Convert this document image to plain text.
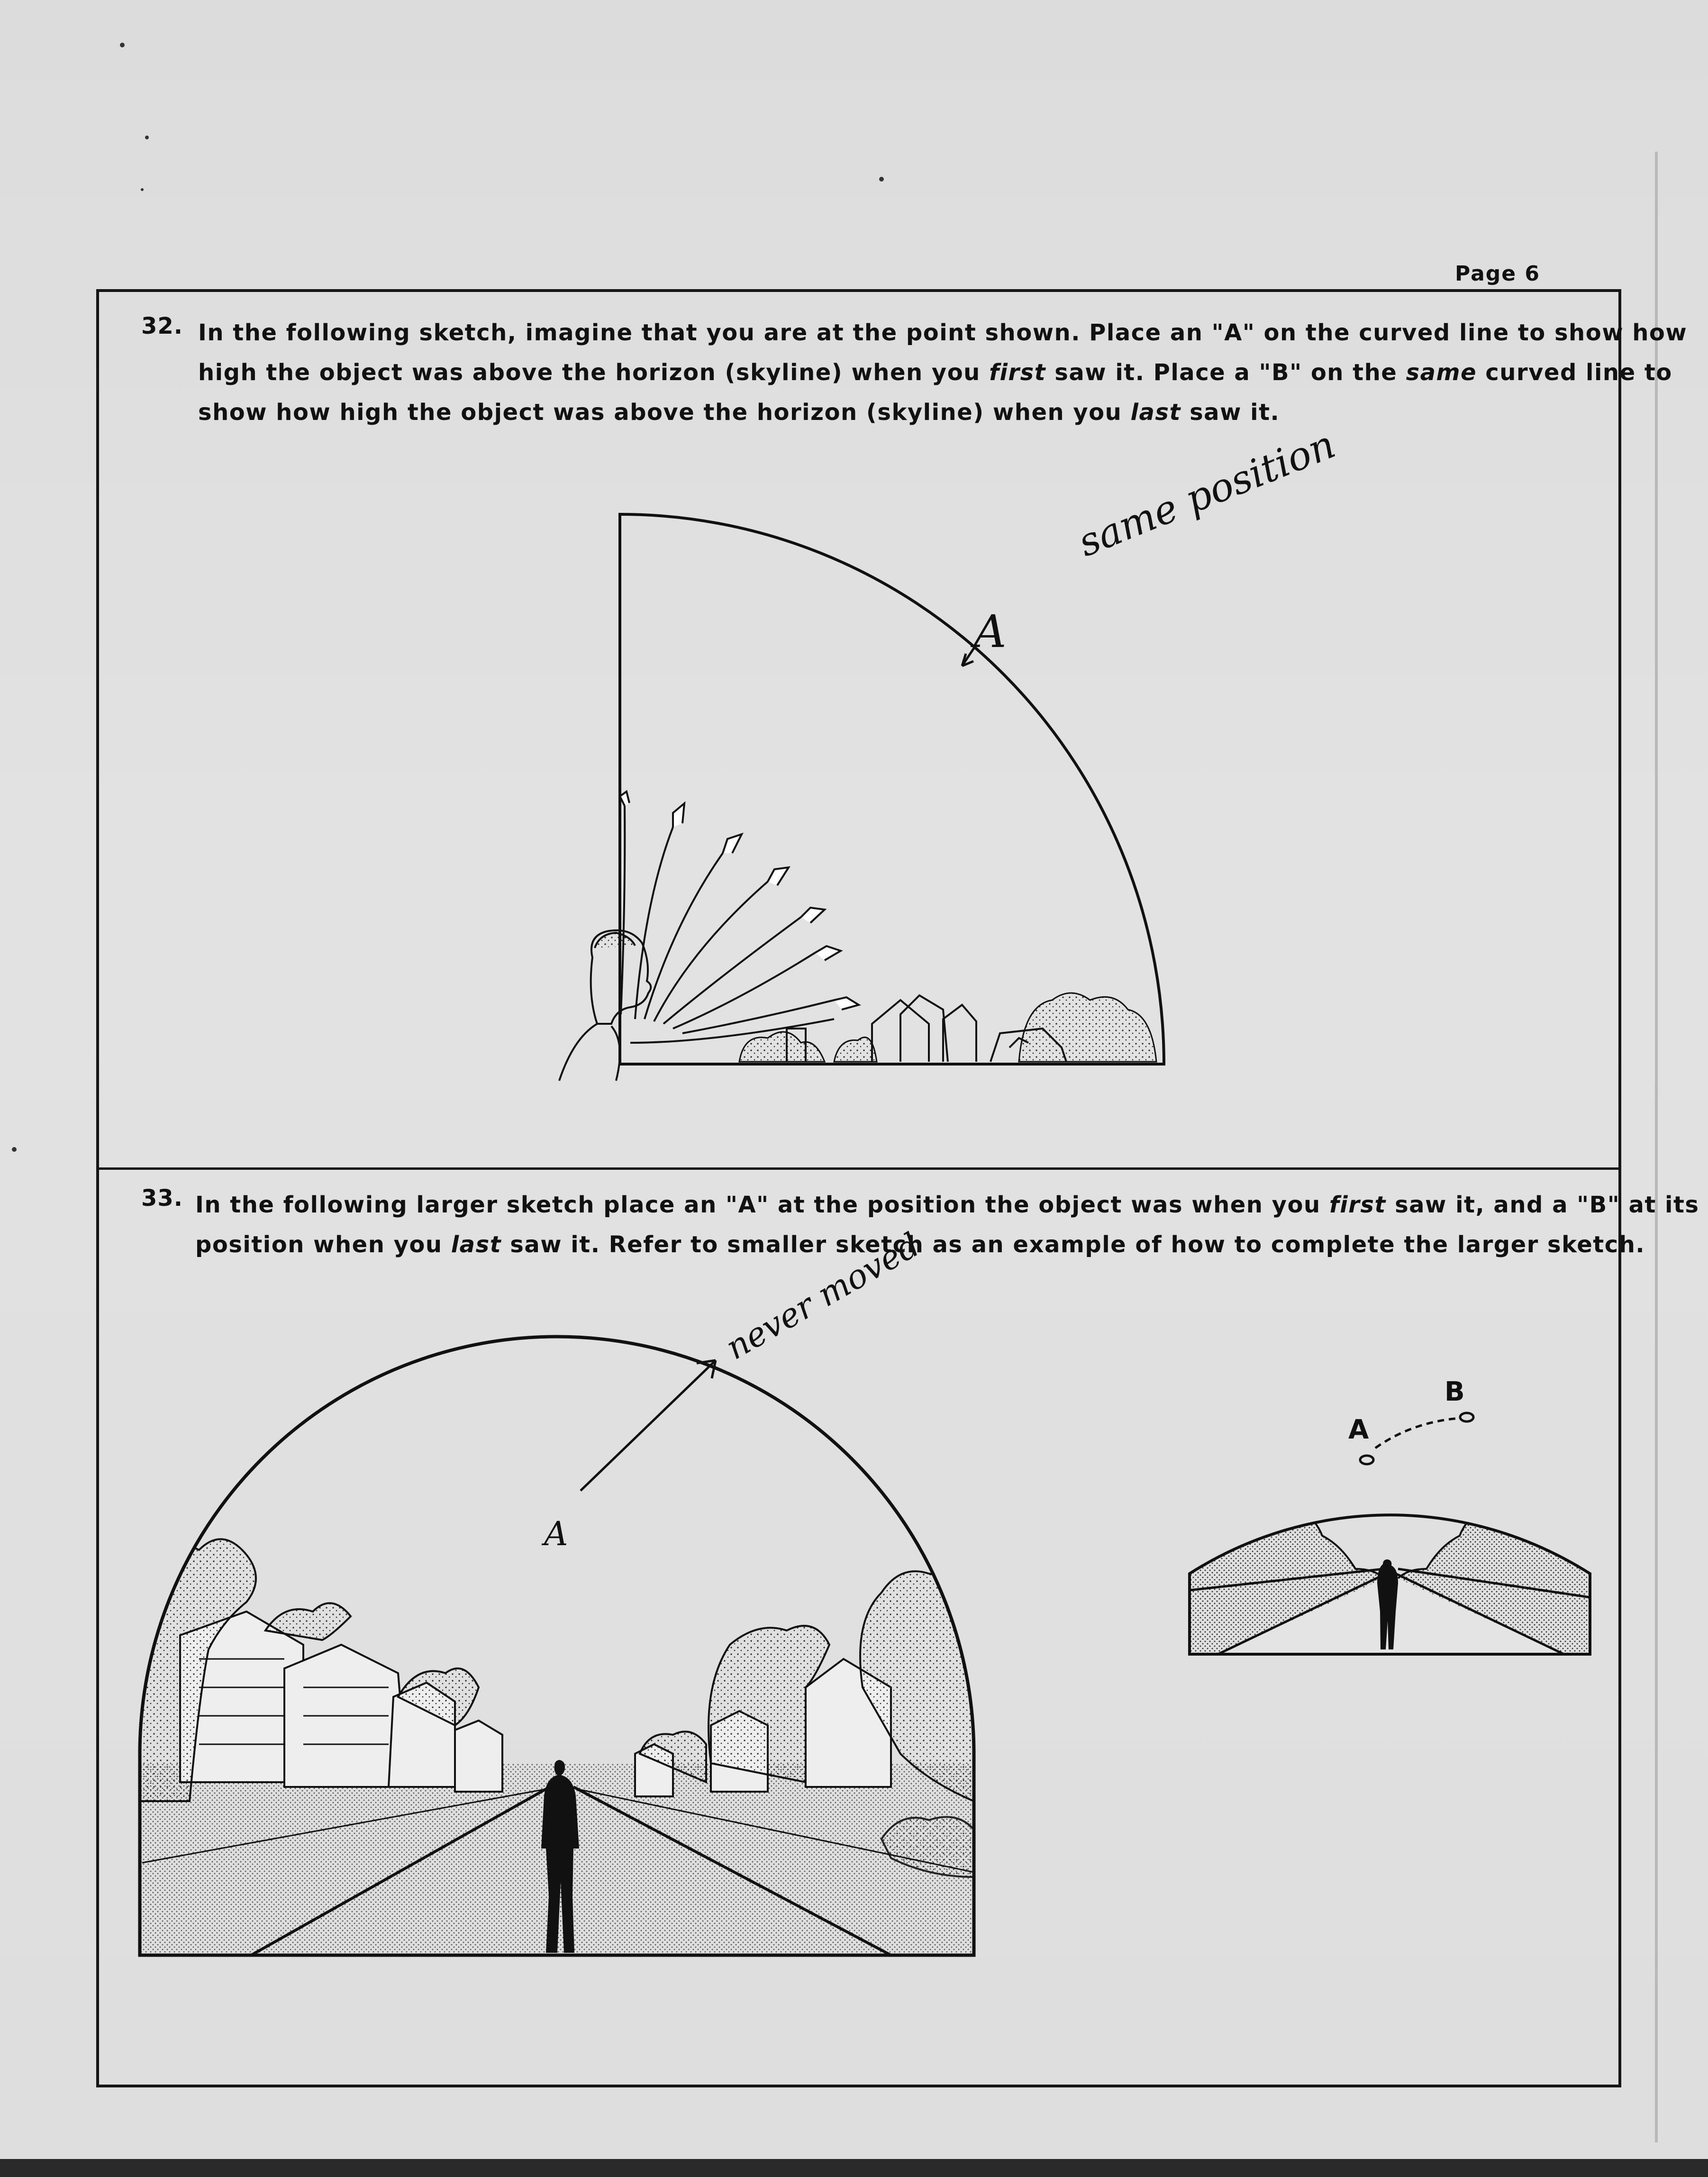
Page 6
32. In the following sketch, imagine that you are at the point shown. Place an "A" on the curved line to show how

high the object was above the horizon (skyline) when you first saw it. Place a "B" on the same curved line to

show how high the object was above the horizon (skyline) when you last saw it.

33. In the following larger sketch place an "A" at the position the object was when you first saw it, and a "B" at its

position when you last saw it. Refer to smaller sketch as an example of how to complete the larger sketch.

A
same position
A
never moved
A
B
